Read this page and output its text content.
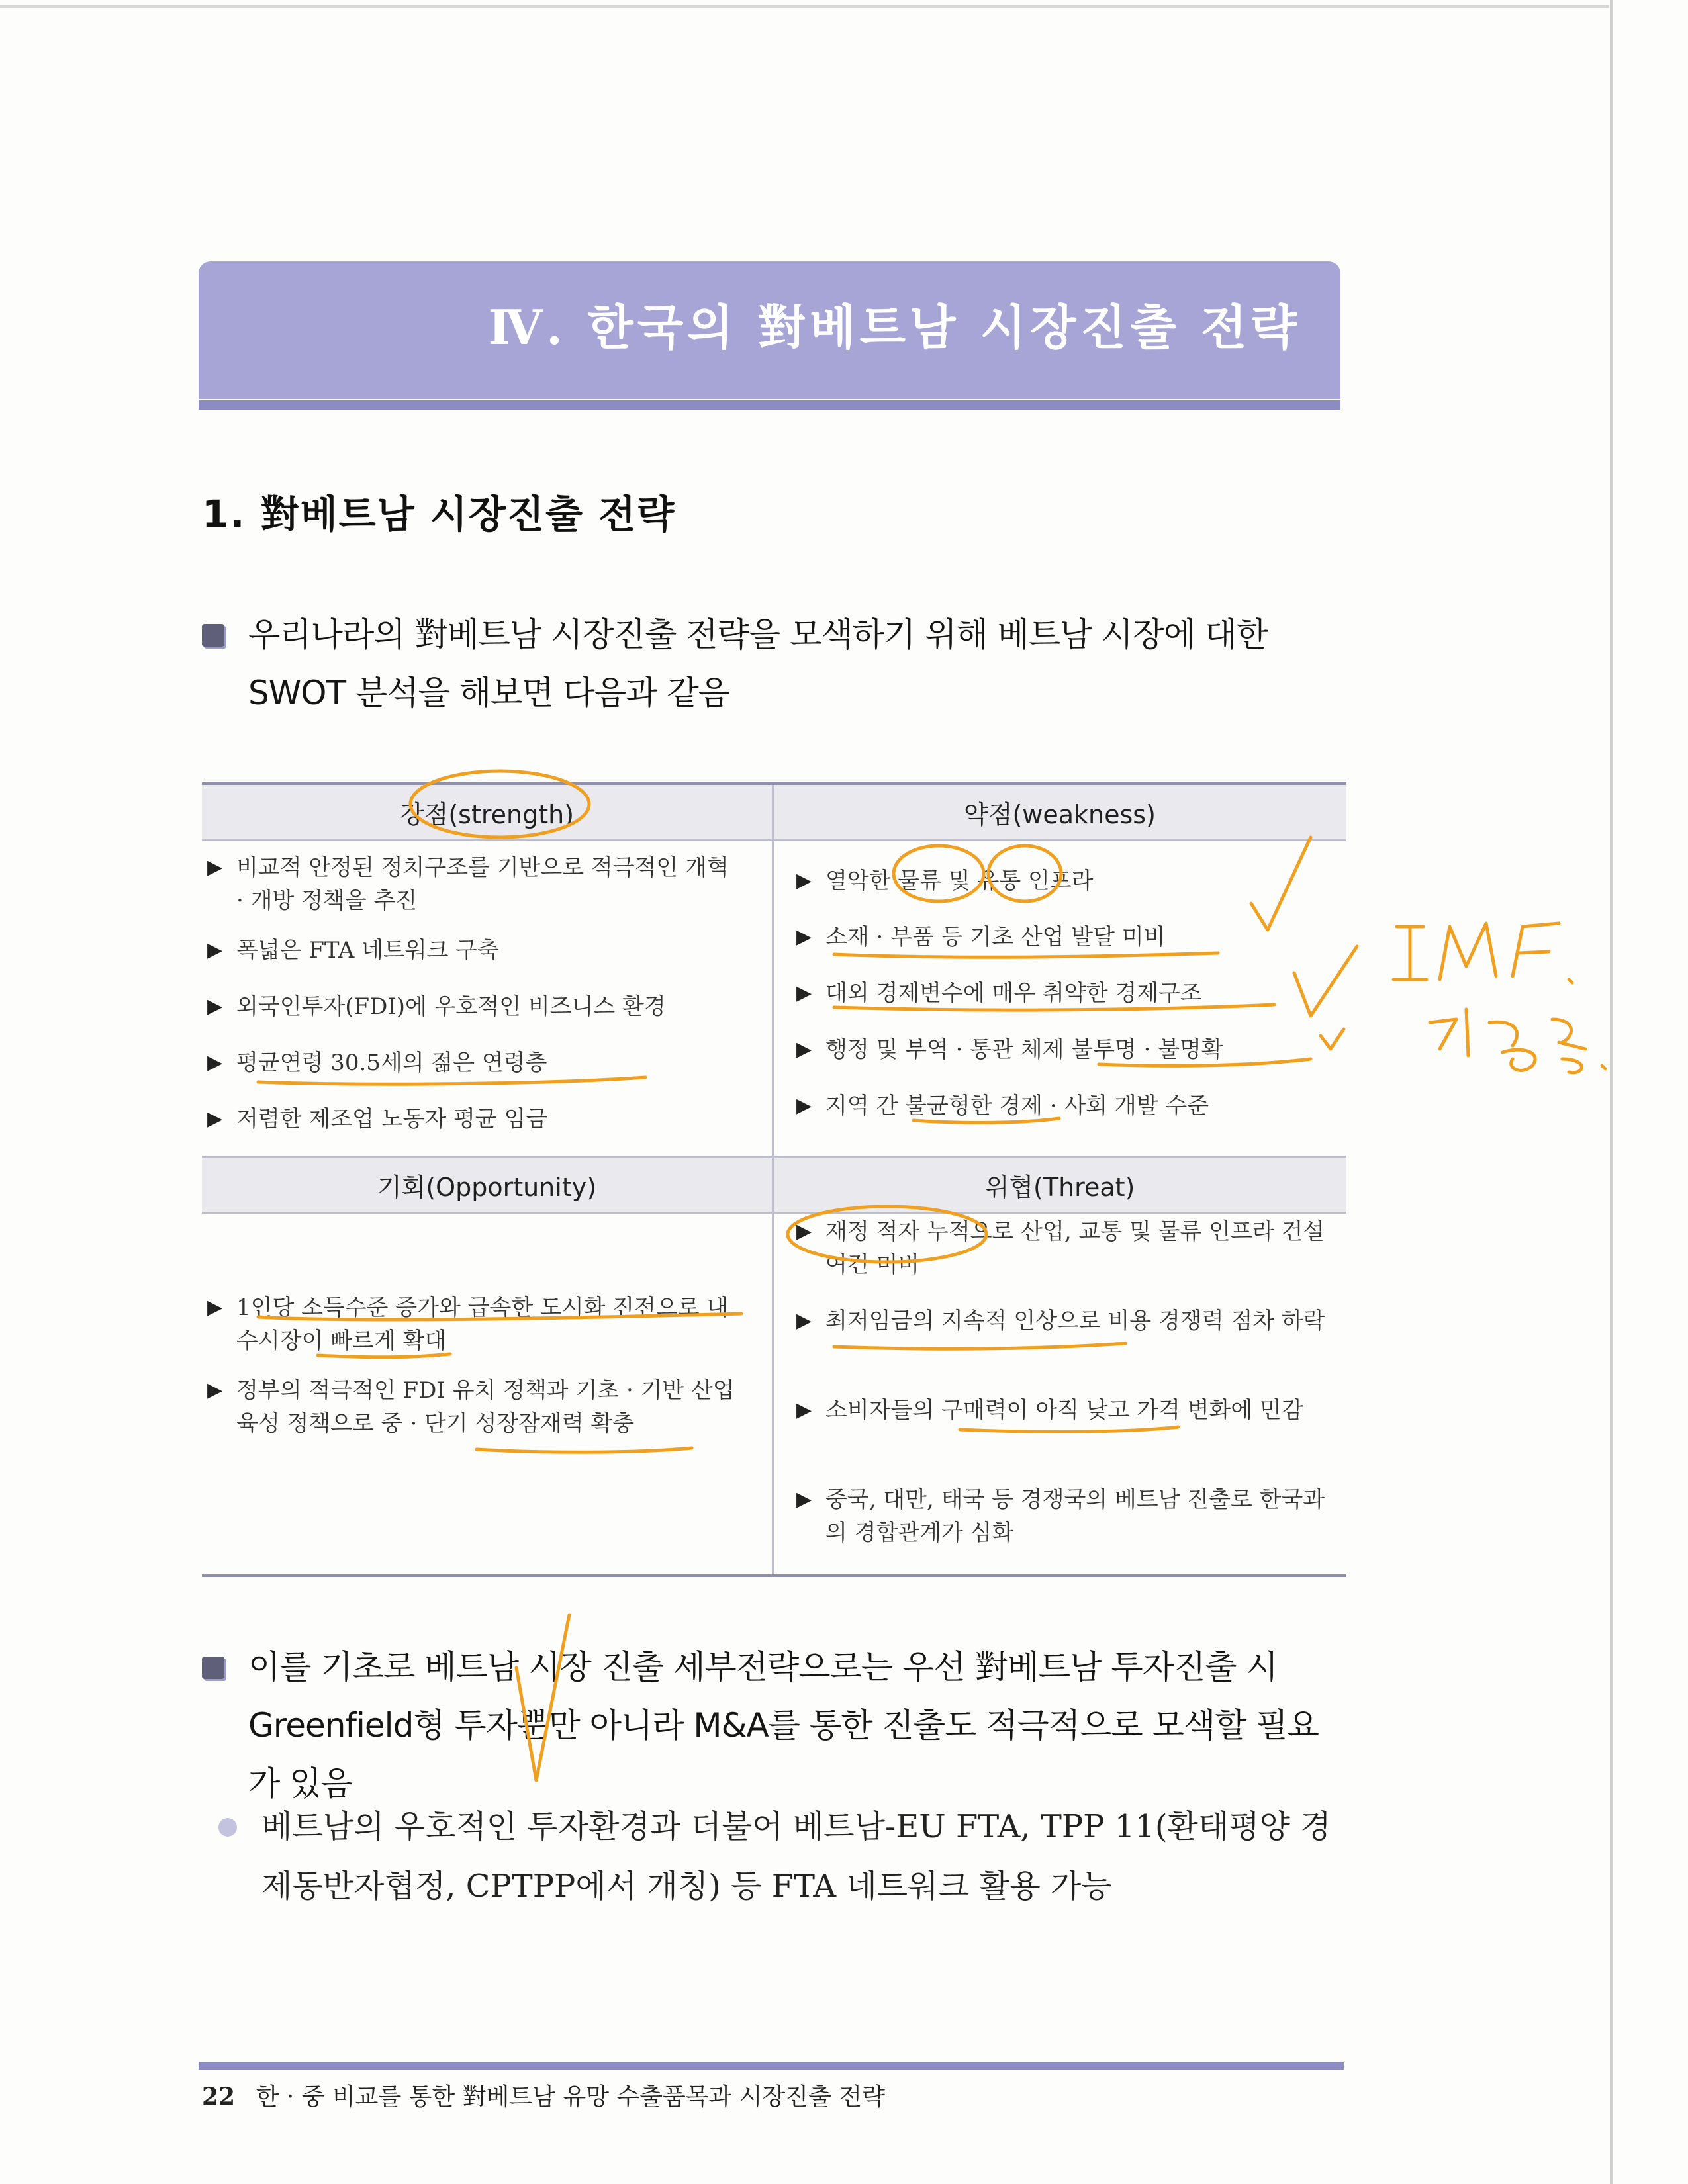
Ⅳ. 한국의 對베트남 시장진출 전략
1. 對베트남 시장진출 전략
우리나라의 對베트남 시장진출 전략을 모색하기 위해 베트남 시장에 대한 SWOT 분석을 해보면 다음과 같음
강점(strength)	약점(weakness)
▶ 비교적 안정된 정치구조를 기반으로 적극적인 개혁 · 개방 정책을 추진
▶ 폭넓은 FTA 네트워크 구축
▶ 외국인투자(FDI)에 우호적인 비즈니스 환경
▶ 평균연령 30.5세의 젊은 연령층
▶ 저렴한 제조업 노동자 평균 임금
▶ 열악한 물류 및 유통 인프라
▶ 소재 · 부품 등 기초 산업 발달 미비
▶ 대외 경제변수에 매우 취약한 경제구조
▶ 행정 및 부역 · 통관 체제 불투명 · 불명확
▶ 지역 간 불균형한 경제 · 사회 개발 수준
기회(Opportunity)	위협(Threat)
▶ 1인당 소득수준 증가와 급속한 도시화 진전으로 내수시장이 빠르게 확대
▶ 정부의 적극적인 FDI 유치 정책과 기초 · 기반 산업 육성 정책으로 중 · 단기 성장잠재력 확충
▶ 재정 적자 누적으로 산업, 교통 및 물류 인프라 건설 여건 미비
▶ 최저임금의 지속적 인상으로 비용 경쟁력 점차 하락
▶ 소비자들의 구매력이 아직 낮고 가격 변화에 민감
▶ 중국, 대만, 태국 등 경쟁국의 베트남 진출로 한국과의 경합관계가 심화
이를 기초로 베트남 시장 진출 세부전략으로는 우선 對베트남 투자진출 시 Greenfield형 투자뿐만 아니라 M&A를 통한 진출도 적극적으로 모색할 필요가 있음
베트남의 우호적인 투자환경과 더불어 베트남-EU FTA, TPP 11(환태평양 경제동반자협정, CPTPP에서 개칭) 등 FTA 네트워크 활용 가능
22 한 · 중 비교를 통한 對베트남 유망 수출품목과 시장진출 전략
